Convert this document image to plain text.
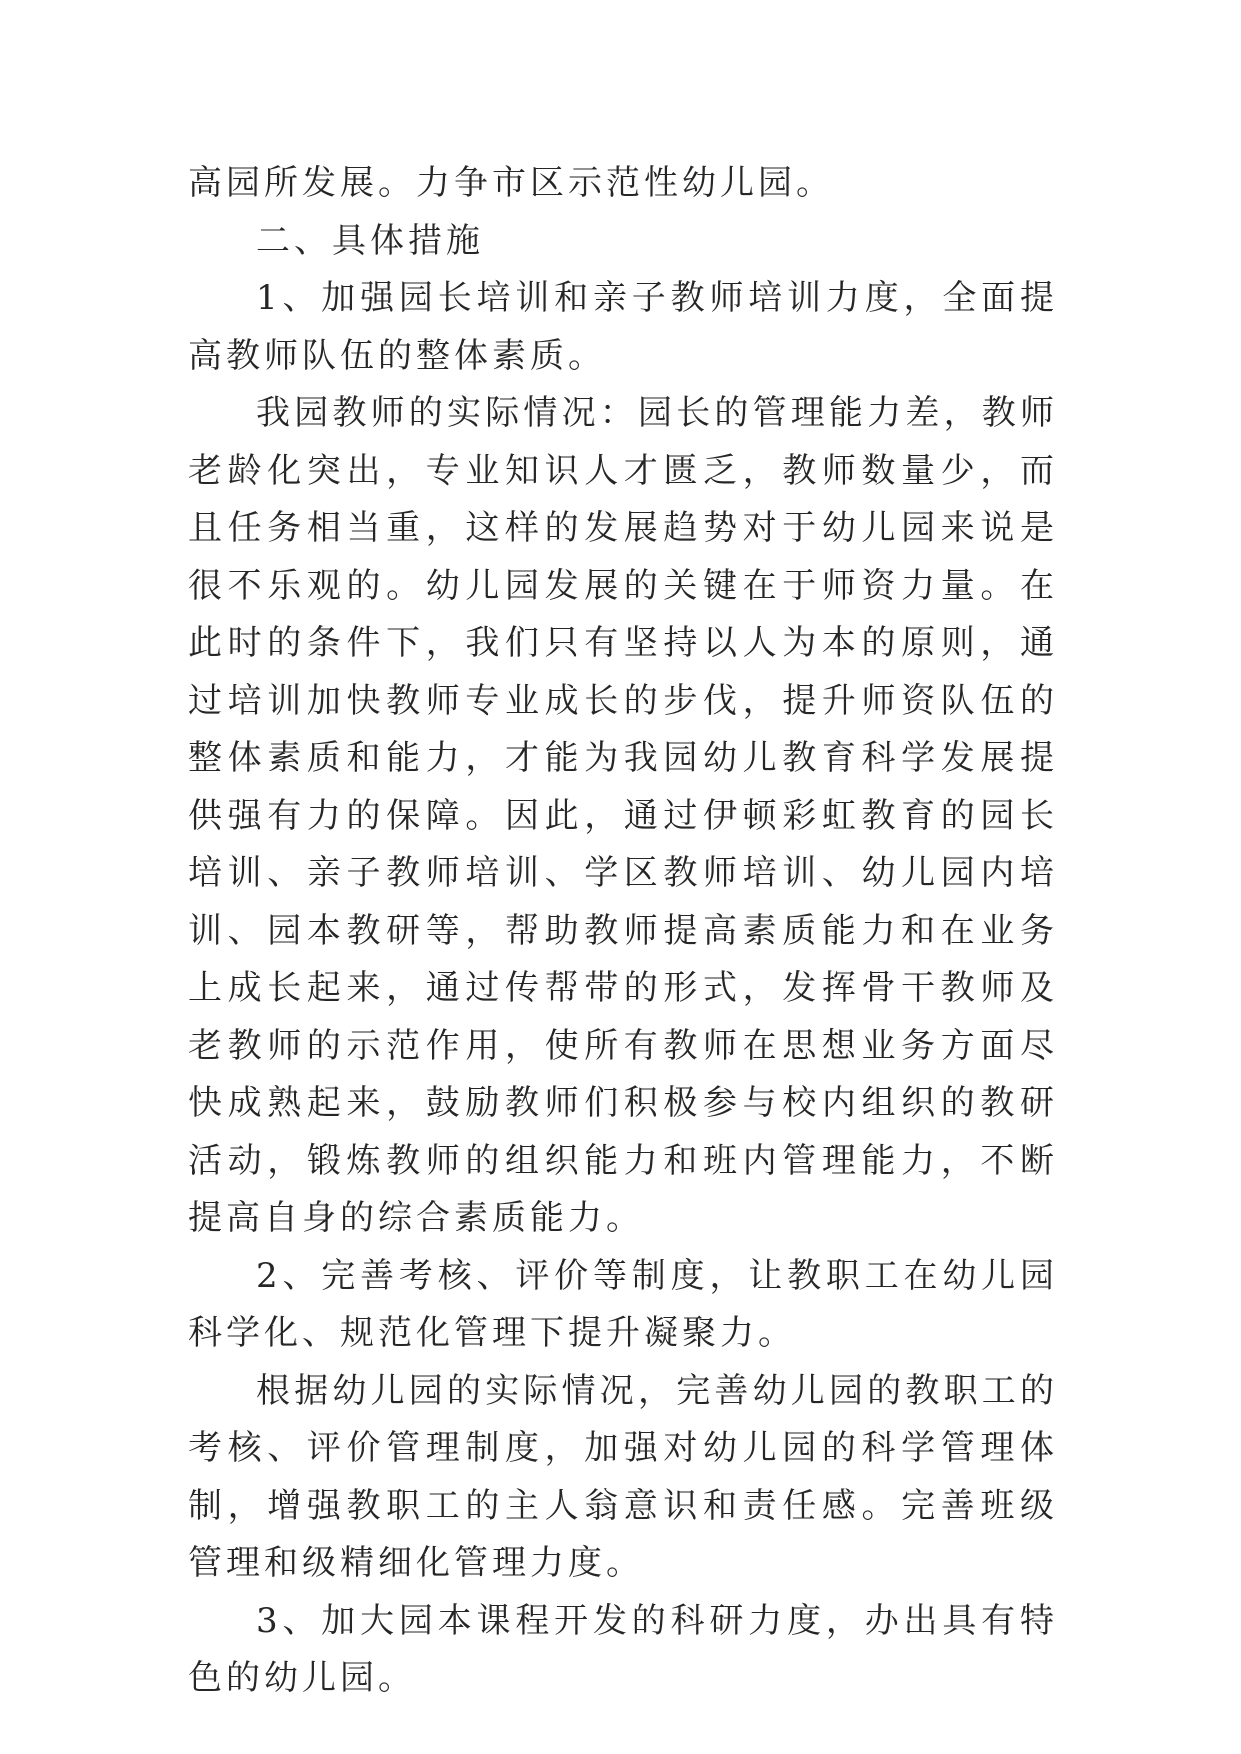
高园所发展。力争市区示范性幼儿园。

二、具体措施

1、加强园长培训和亲子教师培训力度，全面提高教师队伍的整体素质。

我园教师的实际情况：园长的管理能力差，教师老龄化突出，专业知识人才匮乏，教师数量少，而且任务相当重，这样的发展趋势对于幼儿园来说是很不乐观的。幼儿园发展的关键在于师资力量。在此时的条件下，我们只有坚持以人为本的原则，通过培训加快教师专业成长的步伐，提升师资队伍的整体素质和能力，才能为我园幼儿教育科学发展提供强有力的保障。因此，通过伊顿彩虹教育的园长培训、亲子教师培训、学区教师培训、幼儿园内培训、园本教研等，帮助教师提高素质能力和在业务上成长起来，通过传帮带的形式，发挥骨干教师及老教师的示范作用，使所有教师在思想业务方面尽快成熟起来，鼓励教师们积极参与校内组织的教研活动，锻炼教师的组织能力和班内管理能力，不断提高自身的综合素质能力。

2、完善考核、评价等制度，让教职工在幼儿园科学化、规范化管理下提升凝聚力。

根据幼儿园的实际情况，完善幼儿园的教职工的考核、评价管理制度，加强对幼儿园的科学管理体制，增强教职工的主人翁意识和责任感。完善班级管理和级精细化管理力度。

3、加大园本课程开发的科研力度，办出具有特色的幼儿园。
